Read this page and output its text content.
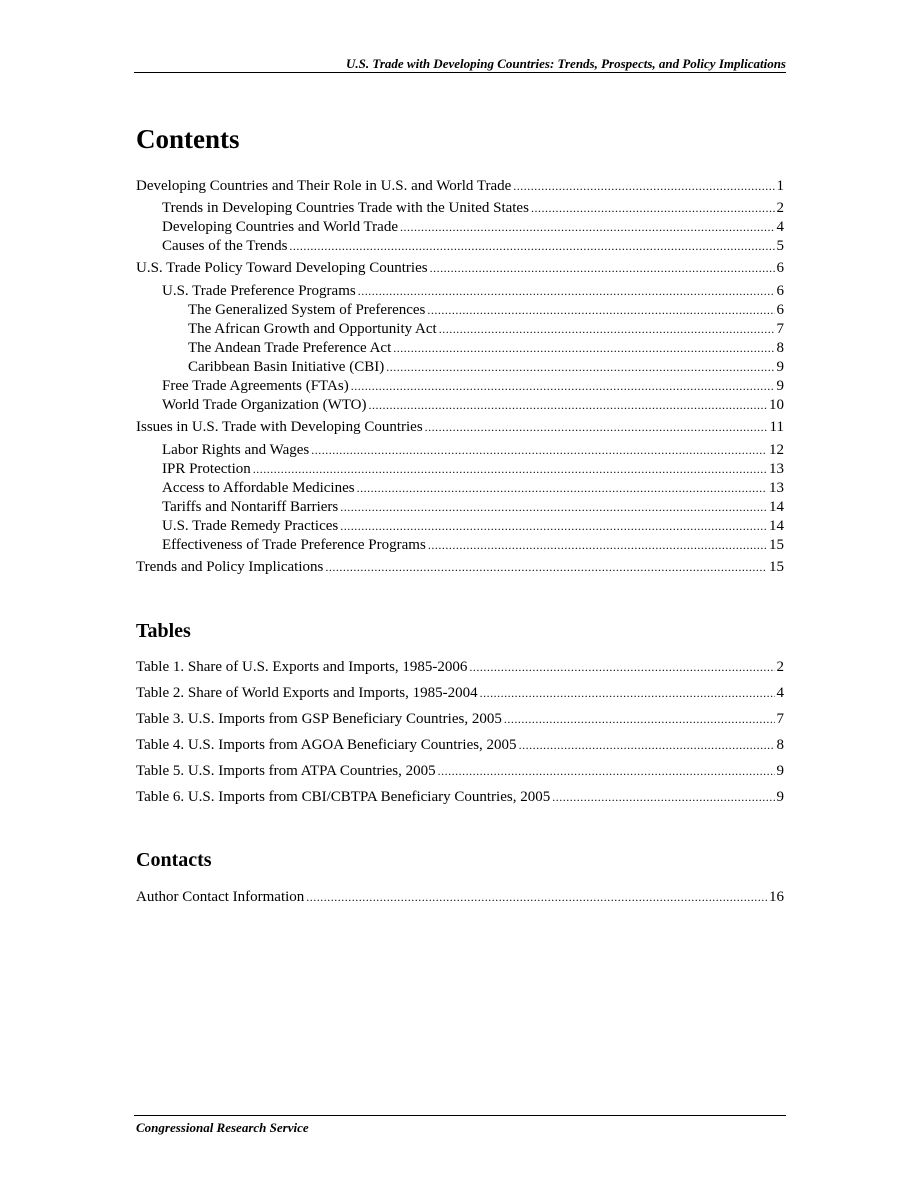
U.S. Trade with Developing Countries: Trends, Prospects, and Policy Implications
Contents
Developing Countries and Their Role in U.S. and World Trade .....	1
Trends in Developing Countries Trade with the United States .....	2
Developing Countries and World Trade .....	4
Causes of the Trends .....	5
U.S. Trade Policy Toward Developing Countries .....	6
U.S. Trade Preference Programs .....	6
The Generalized System of Preferences .....	6
The African Growth and Opportunity Act .....	7
The Andean Trade Preference Act .....	8
Caribbean Basin Initiative (CBI) .....	9
Free Trade Agreements (FTAs) .....	9
World Trade Organization (WTO) .....	10
Issues in U.S. Trade with Developing Countries .....	11
Labor Rights and Wages .....	12
IPR Protection .....	13
Access to Affordable Medicines .....	13
Tariffs and Nontariff Barriers .....	14
U.S. Trade Remedy Practices .....	14
Effectiveness of Trade Preference Programs .....	15
Trends and Policy Implications .....	15
Tables
Table 1. Share of U.S. Exports and Imports, 1985-2006 .....	2
Table 2. Share of World Exports and Imports, 1985-2004 .....	4
Table 3. U.S. Imports from GSP Beneficiary Countries, 2005 .....	7
Table 4. U.S. Imports from AGOA Beneficiary Countries, 2005 .....	8
Table 5. U.S. Imports from ATPA Countries, 2005 .....	9
Table 6. U.S. Imports from CBI/CBTPA Beneficiary Countries, 2005 .....	9
Contacts
Author Contact Information .....	16
Congressional Research Service
